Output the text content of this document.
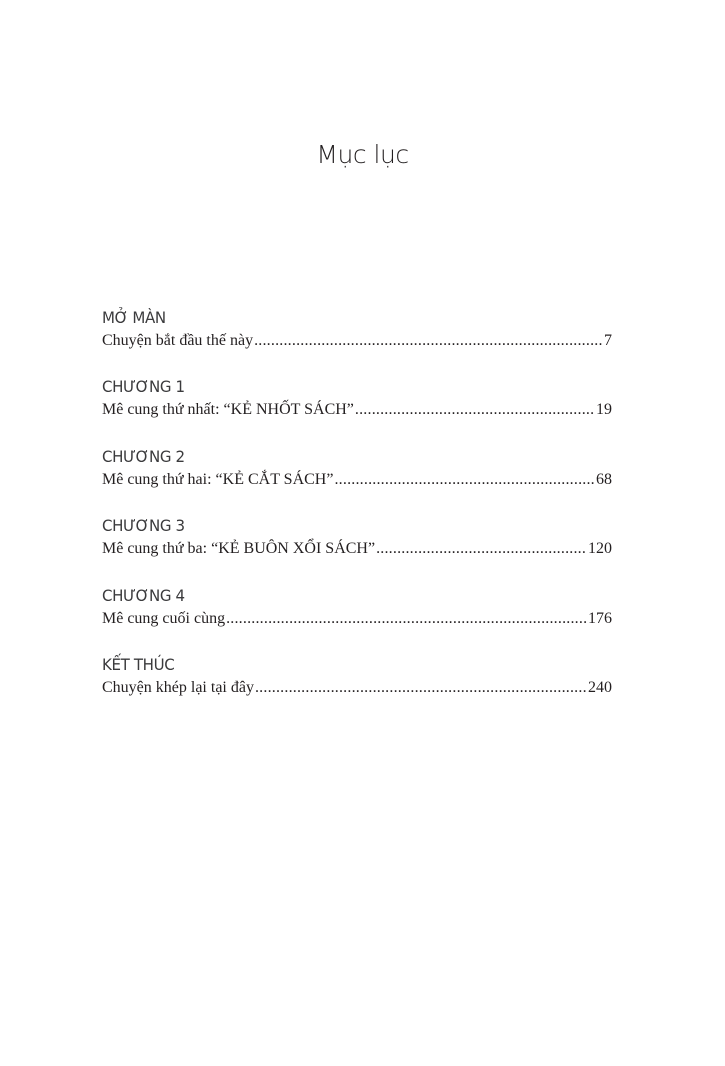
Mục lục
MỞ MÀN
Chuyện bắt đầu thế này .....	7
CHƯƠNG 1
Mê cung thứ nhất: “KẺ NHỐT SÁCH” .....	19
CHƯƠNG 2
Mê cung thứ hai: “KẺ CẮT SÁCH” .....	68
CHƯƠNG 3
Mê cung thứ ba: “KẺ BUÔN XỔI SÁCH” .....	120
CHƯƠNG 4
Mê cung cuối cùng .....	176
KẾT THÚC
Chuyện khép lại tại đây .....	240
